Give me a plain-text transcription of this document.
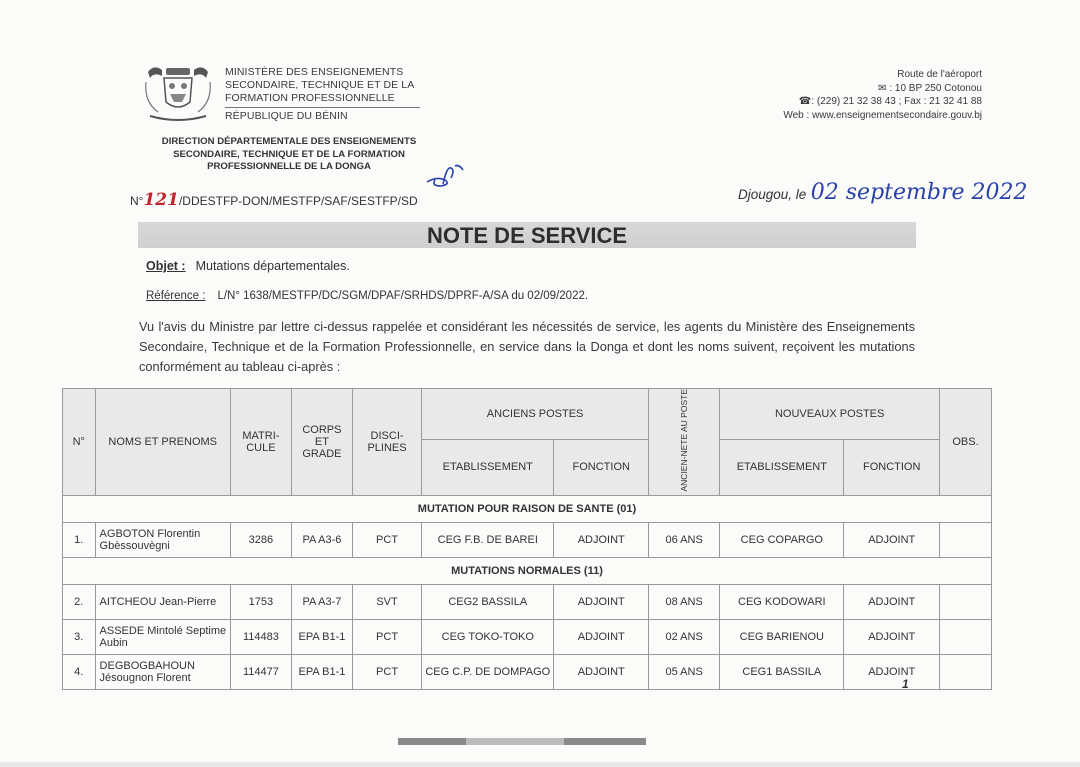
MINISTÈRE DES ENSEIGNEMENTS
SECONDAIRE, TECHNIQUE ET DE LA
FORMATION PROFESSIONNELLE
RÉPUBLIQUE DU BÉNIN
Route de l'aéroport
✉ : 10 BP 250 Cotonou
☎: (229) 21 32 38 43 ; Fax : 21 32 41 88
Web : www.enseignementsecondaire.gouv.bj
DIRECTION DÉPARTEMENTALE DES ENSEIGNEMENTS
SECONDAIRE, TECHNIQUE ET DE LA FORMATION
PROFESSIONNELLE DE LA DONGA
N°121/DDESTFP-DON/MESTFP/SAF/SESTFP/SD	Djougou, le 02 septembre 2022
NOTE DE SERVICE
Objet : Mutations départementales.
Référence : L/N° 1638/MESTFP/DC/SGM/DPAF/SRHDS/DPRF-A/SA du 02/09/2022.
Vu l'avis du Ministre par lettre ci-dessus rappelée et considérant les nécessités de service, les agents du Ministère des Enseignements Secondaire, Technique et de la Formation Professionnelle, en service dans la Donga et dont les noms suivent, reçoivent les mutations conformément au tableau ci-après :
N°	NOMS ET PRENOMS	MATRI-CULE	CORPS ET GRADE	DISCI-PLINES	ANCIENS POSTES		ANCIEN-NETE AU POSTE	NOUVEAUX POSTES		OBS.
					ETABLISSEMENT	FONCTION		ETABLISSEMENT	FONCTION	
MUTATION POUR RAISON DE SANTE (01)										
1.	AGBOTON Florentin Gbèssouvègni	3286	PA A3-6	PCT	CEG F.B. DE BAREI	ADJOINT	06 ANS	CEG COPARGO	ADJOINT	
MUTATIONS NORMALES (11)										
2.	AITCHEOU Jean-Pierre	1753	PA A3-7	SVT	CEG2 BASSILA	ADJOINT	08 ANS	CEG KODOWARI	ADJOINT	
3.	ASSEDE Mintolé Septime Aubin	114483	EPA B1-1	PCT	CEG TOKO-TOKO	ADJOINT	02 ANS	CEG BARIENOU	ADJOINT	
4.	DEGBOGBAHOUN Jésougnon Florent	114477	EPA B1-1	PCT	CEG C.P. DE DOMPAGO	ADJOINT	05 ANS	CEG1 BASSILA	ADJOINT	
1
